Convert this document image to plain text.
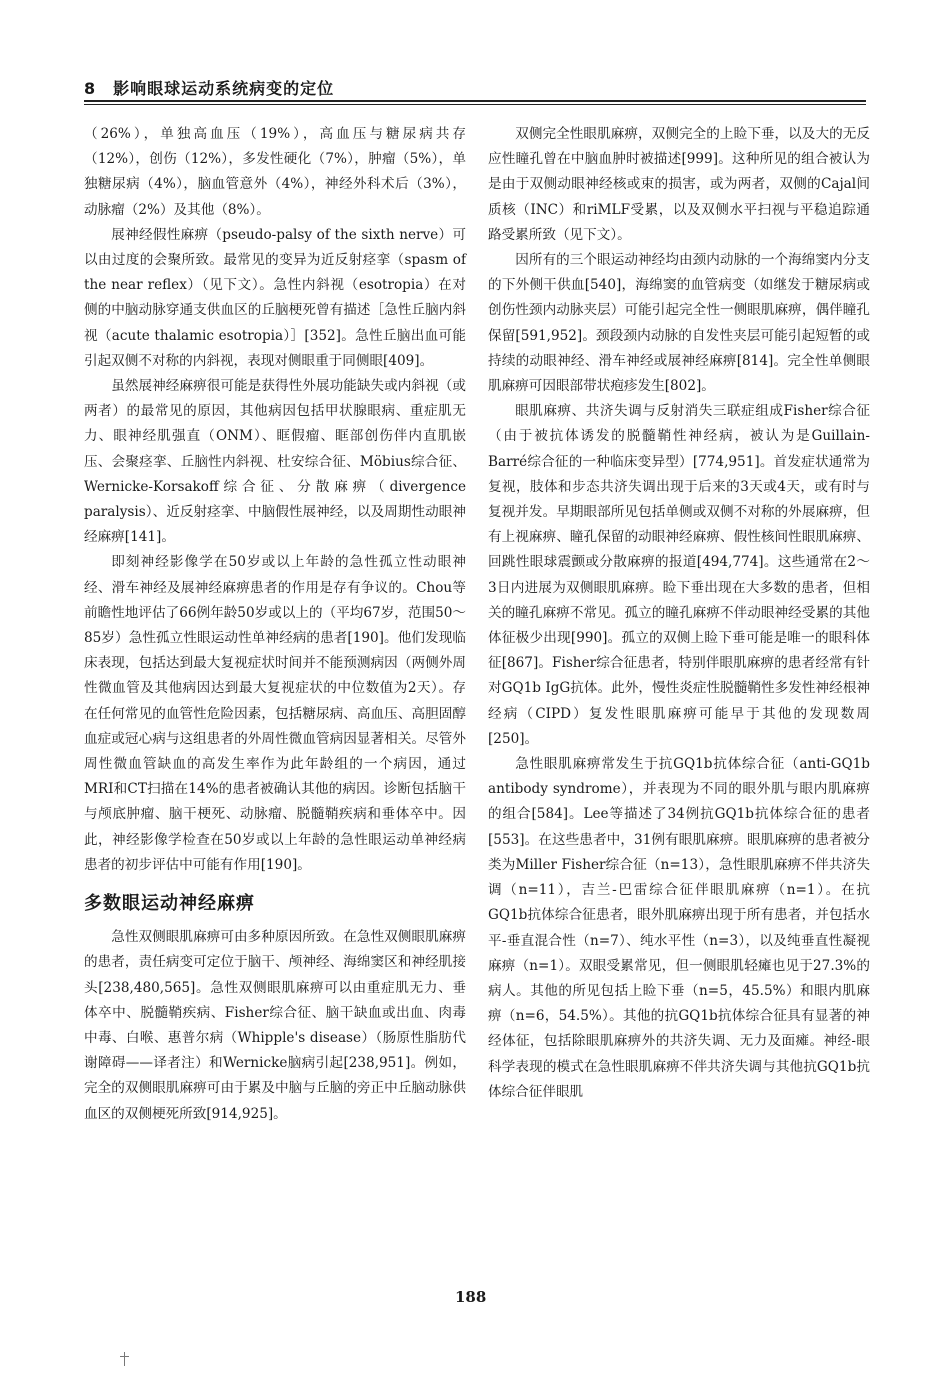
8　影响眼球运动系统病变的定位

（26%），单独高血压（19%），高血压与糖尿病共存（12%），创伤（12%），多发性硬化（7%），肿瘤（5%），单独糖尿病（4%），脑血管意外（4%），神经外科术后（3%），动脉瘤（2%）及其他（8%）。

展神经假性麻痹（pseudo-palsy of the sixth nerve）可以由过度的会聚所致。最常见的变异为近反射痉挛（spasm of the near reflex）（见下文）。急性内斜视（esotropia）在对侧的中脑动脉穿通支供血区的丘脑梗死曾有描述［急性丘脑内斜视（acute thalamic esotropia）］[352]。急性丘脑出血可能引起双侧不对称的内斜视，表现对侧眼重于同侧眼[409]。

虽然展神经麻痹很可能是获得性外展功能缺失或内斜视（或两者）的最常见的原因，其他病因包括甲状腺眼病、重症肌无力、眼神经肌强直（ONM）、眶假瘤、眶部创伤伴内直肌嵌压、会聚痉挛、丘脑性内斜视、杜安综合征、Möbius综合征、Wernicke-Korsakoff综合征、分散麻痹（divergence paralysis）、近反射痉挛、中脑假性展神经，以及周期性动眼神经麻痹[141]。

即刻神经影像学在50岁或以上年龄的急性孤立性动眼神经、滑车神经及展神经麻痹患者的作用是存有争议的。Chou等前瞻性地评估了66例年龄50岁或以上的（平均67岁，范围50～85岁）急性孤立性眼运动性单神经病的患者[190]。他们发现临床表现，包括达到最大复视症状时间并不能预测病因（两侧外周性微血管及其他病因达到最大复视症状的中位数值为2天）。存在任何常见的血管性危险因素，包括糖尿病、高血压、高胆固醇血症或冠心病与这组患者的外周性微血管病因显著相关。尽管外周性微血管缺血的高发生率作为此年龄组的一个病因，通过MRI和CT扫描在14%的患者被确认其他的病因。诊断包括脑干与颅底肿瘤、脑干梗死、动脉瘤、脱髓鞘疾病和垂体卒中。因此，神经影像学检查在50岁或以上年龄的急性眼运动单神经病患者的初步评估中可能有作用[190]。

多数眼运动神经麻痹

急性双侧眼肌麻痹可由多种原因所致。在急性双侧眼肌麻痹的患者，责任病变可定位于脑干、颅神经、海绵窦区和神经肌接头[238,480,565]。急性双侧眼肌麻痹可以由重症肌无力、垂体卒中、脱髓鞘疾病、Fisher综合征、脑干缺血或出血、肉毒中毒、白喉、惠普尔病（Whipple's disease）（肠原性脂肪代谢障碍——译者注）和Wernicke脑病引起[238,951]。例如，完全的双侧眼肌麻痹可由于累及中脑与丘脑的旁正中丘脑动脉供血区的双侧梗死所致[914,925]。

双侧完全性眼肌麻痹，双侧完全的上睑下垂，以及大的无反应性瞳孔曾在中脑血肿时被描述[999]。这种所见的组合被认为是由于双侧动眼神经核或束的损害，或为两者，双侧的Cajal间质核（INC）和riMLF受累，以及双侧水平扫视与平稳追踪通路受累所致（见下文）。

因所有的三个眼运动神经均由颈内动脉的一个海绵窦内分支的下外侧干供血[540]，海绵窦的血管病变（如继发于糖尿病或创伤性颈内动脉夹层）可能引起完全性一侧眼肌麻痹，偶伴瞳孔保留[591,952]。颈段颈内动脉的自发性夹层可能引起短暂的或持续的动眼神经、滑车神经或展神经麻痹[814]。完全性单侧眼肌麻痹可因眼部带状疱疹发生[802]。

眼肌麻痹、共济失调与反射消失三联症组成Fisher综合征（由于被抗体诱发的脱髓鞘性神经病，被认为是Guillain-Barré综合征的一种临床变异型）[774,951]。首发症状通常为复视，肢体和步态共济失调出现于后来的3天或4天，或有时与复视并发。早期眼部所见包括单侧或双侧不对称的外展麻痹，但有上视麻痹、瞳孔保留的动眼神经麻痹、假性核间性眼肌麻痹、回跳性眼球震颤或分散麻痹的报道[494,774]。这些通常在2～3日内进展为双侧眼肌麻痹。睑下垂出现在大多数的患者，但相关的瞳孔麻痹不常见。孤立的瞳孔麻痹不伴动眼神经受累的其他体征极少出现[990]。孤立的双侧上睑下垂可能是唯一的眼科体征[867]。Fisher综合征患者，特别伴眼肌麻痹的患者经常有针对GQ1b IgG抗体。此外，慢性炎症性脱髓鞘性多发性神经根神经病（CIPD）复发性眼肌麻痹可能早于其他的发现数周[250]。

急性眼肌麻痹常发生于抗GQ1b抗体综合征（anti-GQ1b antibody syndrome），并表现为不同的眼外肌与眼内肌麻痹的组合[584]。Lee等描述了34例抗GQ1b抗体综合征的患者[553]。在这些患者中，31例有眼肌麻痹。眼肌麻痹的患者被分类为Miller Fisher综合征（n=13），急性眼肌麻痹不伴共济失调（n=11），吉兰-巴雷综合征伴眼肌麻痹（n=1）。在抗GQ1b抗体综合征患者，眼外肌麻痹出现于所有患者，并包括水平-垂直混合性（n=7）、纯水平性（n=3），以及纯垂直性凝视麻痹（n=1）。双眼受累常见，但一侧眼肌轻瘫也见于27.3%的病人。其他的所见包括上睑下垂（n=5，45.5%）和眼内肌麻痹（n=6，54.5%）。其他的抗GQ1b抗体综合征具有显著的神经体征，包括除眼肌麻痹外的共济失调、无力及面瘫。神经-眼科学表现的模式在急性眼肌麻痹不伴共济失调与其他抗GQ1b抗体综合征伴眼肌

188
